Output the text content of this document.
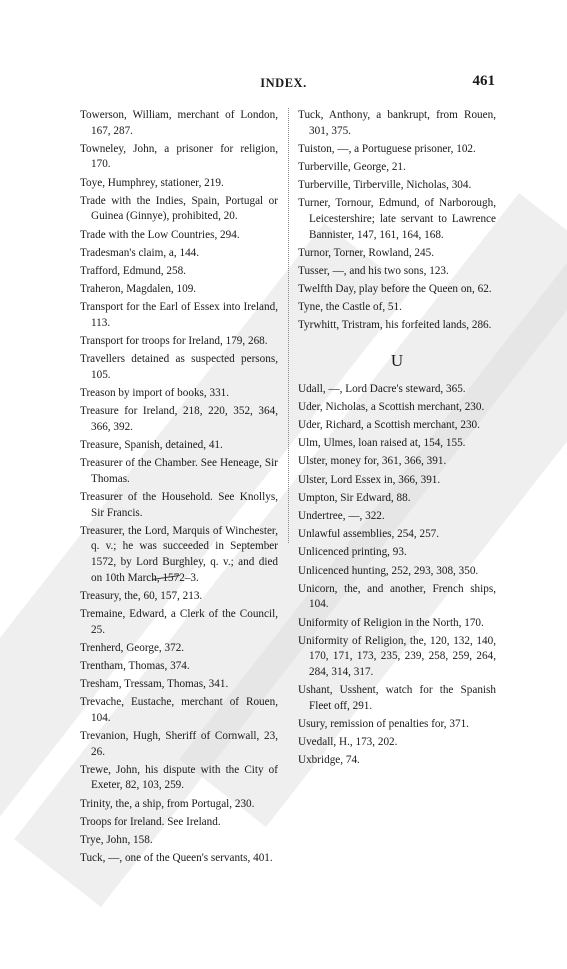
INDEX.	461
Towerson, William, merchant of London, 167, 287.
Towneley, John, a prisoner for religion, 170.
Toye, Humphrey, stationer, 219.
Trade with the Indies, Spain, Portugal or Guinea (Ginnye), prohibited, 20.
Trade with the Low Countries, 294.
Tradesman's claim, a, 144.
Trafford, Edmund, 258.
Traheron, Magdalen, 109.
Transport for the Earl of Essex into Ireland, 113.
Transport for troops for Ireland, 179, 268.
Travellers detained as suspected persons, 105.
Treason by import of books, 331.
Treasure for Ireland, 218, 220, 352, 364, 366, 392.
Treasure, Spanish, detained, 41.
Treasurer of the Chamber. See Heneage, Sir Thomas.
Treasurer of the Household. See Knollys, Sir Francis.
Treasurer, the Lord, Marquis of Winchester, q. v.; he was succeeded in September 1572, by Lord Burghley, q. v.; and died on 10th March, 1572–3.
Treasury, the, 60, 157, 213.
Tremaine, Edward, a Clerk of the Council, 25.
Trenherd, George, 372.
Trentham, Thomas, 374.
Tresham, Tressam, Thomas, 341.
Trevache, Eustache, merchant of Rouen, 104.
Trevanion, Hugh, Sheriff of Cornwall, 23, 26.
Trewe, John, his dispute with the City of Exeter, 82, 103, 259.
Trinity, the, a ship, from Portugal, 230.
Troops for Ireland. See Ireland.
Trye, John, 158.
Tuck, —, one of the Queen's servants, 401.
Tuck, Anthony, a bankrupt, from Rouen, 301, 375.
Tuiston, —, a Portuguese prisoner, 102.
Turberville, George, 21.
Turberville, Tirberville, Nicholas, 304.
Turner, Tornour, Edmund, of Narborough, Leicestershire; late servant to Lawrence Bannister, 147, 161, 164, 168.
Turnor, Torner, Rowland, 245.
Tusser, —, and his two sons, 123.
Twelfth Day, play before the Queen on, 62.
Tyne, the Castle of, 51.
Tyrwhitt, Tristram, his forfeited lands, 286.
U
Udall, —, Lord Dacre's steward, 365.
Uder, Nicholas, a Scottish merchant, 230.
Uder, Richard, a Scottish merchant, 230.
Ulm, Ulmes, loan raised at, 154, 155.
Ulster, money for, 361, 366, 391.
Ulster, Lord Essex in, 366, 391.
Umpton, Sir Edward, 88.
Undertree, —, 322.
Unlawful assemblies, 254, 257.
Unlicenced printing, 93.
Unlicenced hunting, 252, 293, 308, 350.
Unicorn, the, and another, French ships, 104.
Uniformity of Religion in the North, 170.
Uniformity of Religion, the, 120, 132, 140, 170, 171, 173, 235, 239, 258, 259, 264, 284, 314, 317.
Ushant, Usshent, watch for the Spanish Fleet off, 291.
Usury, remission of penalties for, 371.
Uvedall, H., 173, 202.
Uxbridge, 74.
